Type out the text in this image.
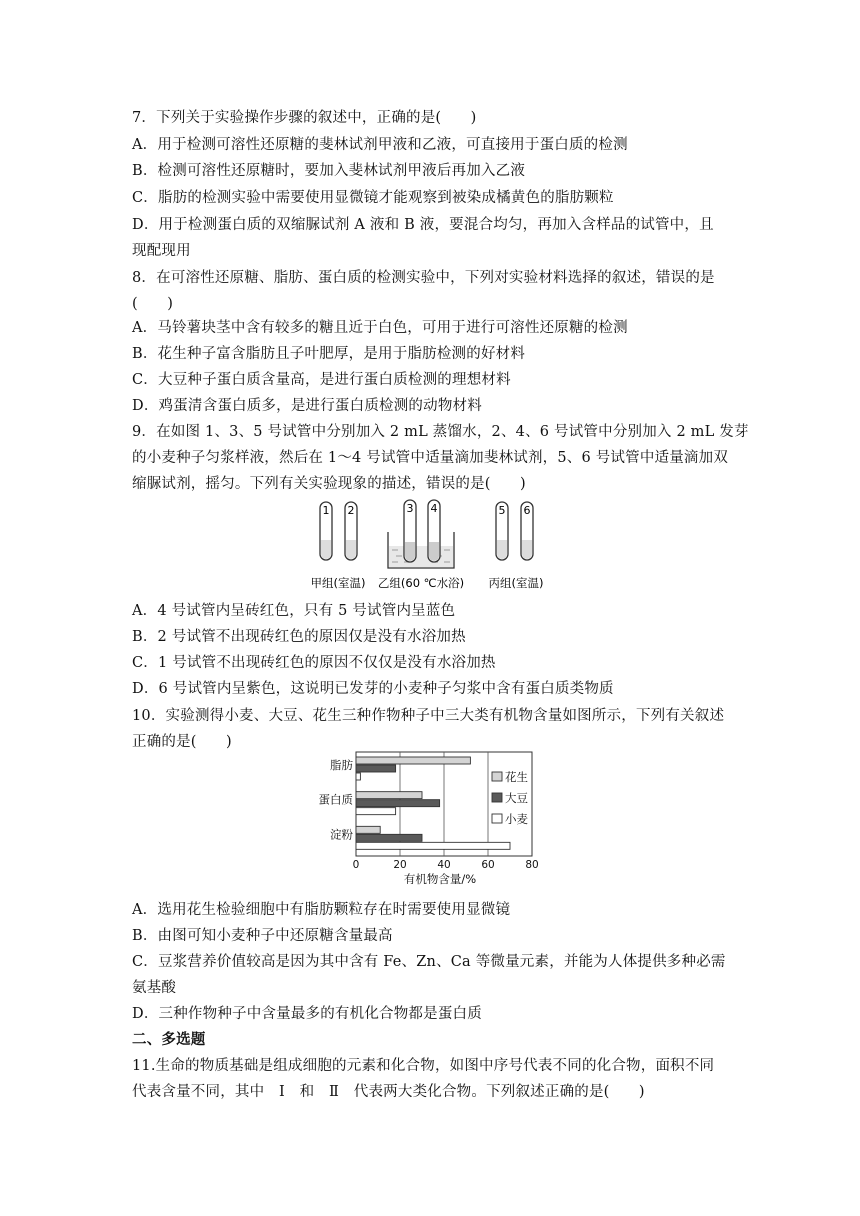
7．下列关于实验操作步骤的叙述中，正确的是(　　)
A．用于检测可溶性还原糖的斐林试剂甲液和乙液，可直接用于蛋白质的检测
B．检测可溶性还原糖时，要加入斐林试剂甲液后再加入乙液
C．脂肪的检测实验中需要使用显微镜才能观察到被染成橘黄色的脂肪颗粒
D．用于检测蛋白质的双缩脲试剂 A 液和 B 液，要混合均匀，再加入含样品的试管中，且
现配现用
8．在可溶性还原糖、脂肪、蛋白质的检测实验中，下列对实验材料选择的叙述，错误的是
(　　)
A．马铃薯块茎中含有较多的糖且近于白色，可用于进行可溶性还原糖的检测
B．花生种子富含脂肪且子叶肥厚，是用于脂肪检测的好材料
C．大豆种子蛋白质含量高，是进行蛋白质检测的理想材料
D．鸡蛋清含蛋白质多，是进行蛋白质检测的动物材料
9．在如图 1、3、5 号试管中分别加入 2 mL 蒸馏水，2、4、6 号试管中分别加入 2 mL 发芽
的小麦种子匀浆样液，然后在 1～4 号试管中适量滴加斐林试剂，5、6 号试管中适量滴加双
缩脲试剂，摇匀。下列有关实验现象的描述，错误的是(　　)
1 2	3 4	5 6
甲组(室温) 乙组(60 ℃水浴) 丙组(室温)
A．4 号试管内呈砖红色，只有 5 号试管内呈蓝色
B．2 号试管不出现砖红色的原因仅是没有水浴加热
C．1 号试管不出现砖红色的原因不仅仅是没有水浴加热
D．6 号试管内呈紫色，这说明已发芽的小麦种子匀浆中含有蛋白质类物质
10．实验测得小麦、大豆、花生三种作物种子中三大类有机物含量如图所示，下列有关叙述
正确的是(　　)
0	20	40	60	80
脂肪
蛋白质
淀粉
花生
大豆
小麦
有机物含量/%
A．选用花生检验细胞中有脂肪颗粒存在时需要使用显微镜
B．由图可知小麦种子中还原糖含量最高
C．豆浆营养价值较高是因为其中含有 Fe、Zn、Ca 等微量元素，并能为人体提供多种必需
氨基酸
D．三种作物种子中含量最多的有机化合物都是蛋白质
二、多选题
11.生命的物质基础是组成细胞的元素和化合物，如图中序号代表不同的化合物，面积不同
代表含量不同，其中　Ⅰ　和　Ⅱ　代表两大类化合物。下列叙述正确的是(　　)
